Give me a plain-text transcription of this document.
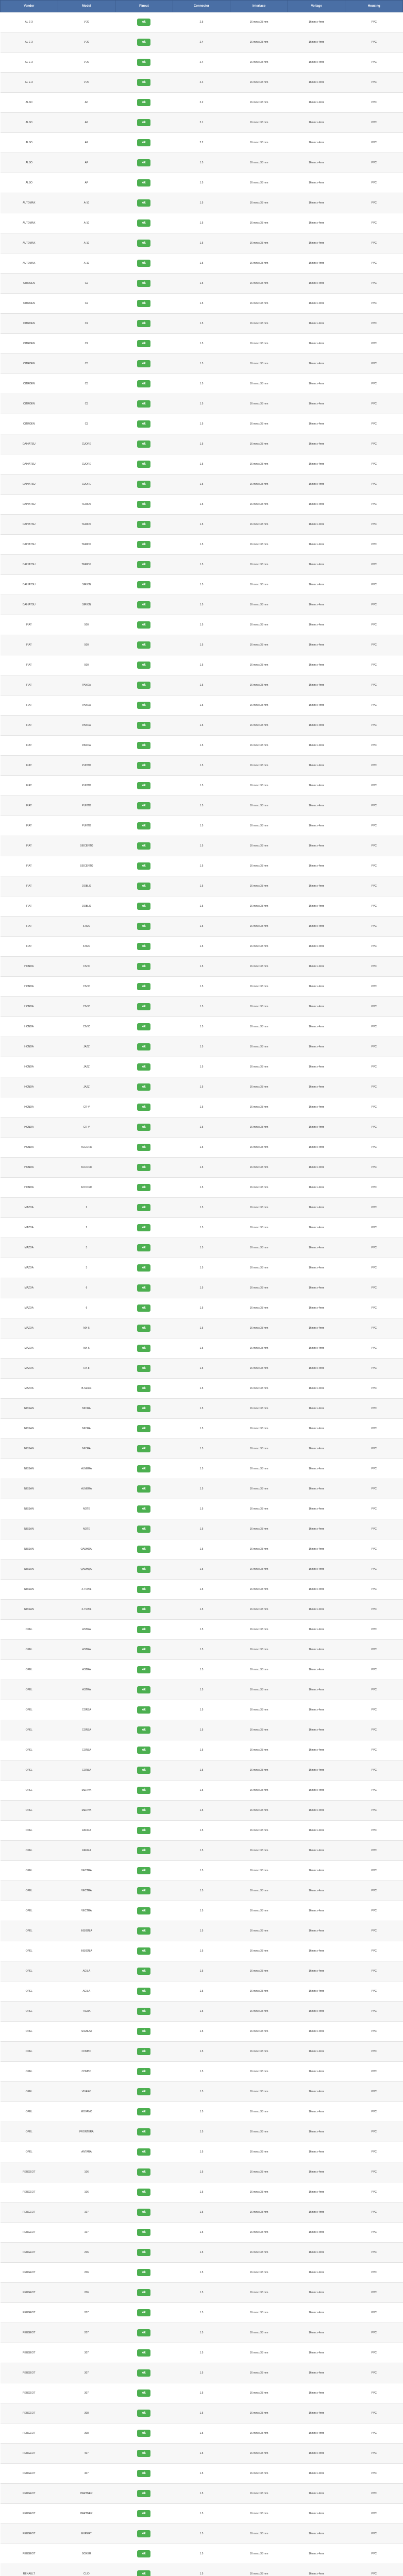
Vendor	Model	Pinout	Connector	Interface	Voltage	Housing
AL E-X	V-20	ok	2.5	16 mm x 33 mm	16mm x 4mm	PVC
AL E-X	V-20	ok	2.4	16 mm x 33 mm	16mm x 4mm	PVC
AL E-X	V-20	ok	2.4	16 mm x 33 mm	16mm x 4mm	PVC
AL E-X	V-20	ok	2.4	16 mm x 33 mm	16mm x 4mm	PVC
ALSO	AP	ok	2.2	16 mm x 33 mm	16mm x 4mm	PVC
ALSO	AP	ok	2.1	16 mm x 33 mm	16mm x 4mm	PVC
ALSO	AP	ok	2.2	16 mm x 33 mm	16mm x 4mm	PVC
ALSO	AP	ok	1.5	16 mm x 33 mm	16mm x 4mm	PVC
ALSO	AP	ok	1.5	16 mm x 33 mm	16mm x 4mm	PVC
AUTOMAX	A-10	ok	1.5	16 mm x 33 mm	16mm x 4mm	PVC
AUTOMAX	A-10	ok	1.5	16 mm x 33 mm	16mm x 4mm	PVC
AUTOMAX	A-10	ok	1.5	16 mm x 33 mm	16mm x 4mm	PVC
AUTOMAX	A-10	ok	1.5	16 mm x 33 mm	16mm x 4mm	PVC
CITROEN	C2	ok	1.5	16 mm x 33 mm	16mm x 4mm	PVC
CITROEN	C2	ok	1.5	16 mm x 33 mm	16mm x 4mm	PVC
CITROEN	C2	ok	1.5	16 mm x 33 mm	16mm x 4mm	PVC
CITROEN	C2	ok	1.5	16 mm x 33 mm	16mm x 4mm	PVC
CITROEN	C3	ok	1.5	16 mm x 33 mm	16mm x 4mm	PVC
CITROEN	C3	ok	1.5	16 mm x 33 mm	16mm x 4mm	PVC
CITROEN	C3	ok	1.5	16 mm x 33 mm	16mm x 4mm	PVC
CITROEN	C3	ok	1.5	16 mm x 33 mm	16mm x 4mm	PVC
DAIHATSU	CUORE	ok	1.5	16 mm x 33 mm	16mm x 4mm	PVC
DAIHATSU	CUORE	ok	1.5	16 mm x 33 mm	16mm x 4mm	PVC
DAIHATSU	CUORE	ok	1.5	16 mm x 33 mm	16mm x 4mm	PVC
DAIHATSU	TERIOS	ok	1.5	16 mm x 33 mm	16mm x 4mm	PVC
DAIHATSU	TERIOS	ok	1.5	16 mm x 33 mm	16mm x 4mm	PVC
DAIHATSU	TERIOS	ok	1.5	16 mm x 33 mm	16mm x 4mm	PVC
DAIHATSU	TERIOS	ok	1.5	16 mm x 33 mm	16mm x 4mm	PVC
DAIHATSU	SIRION	ok	1.5	16 mm x 33 mm	16mm x 4mm	PVC
DAIHATSU	SIRION	ok	1.5	16 mm x 33 mm	16mm x 4mm	PVC
FIAT	500	ok	1.5	16 mm x 33 mm	16mm x 4mm	PVC
FIAT	500	ok	1.5	16 mm x 33 mm	16mm x 4mm	PVC
FIAT	500	ok	1.5	16 mm x 33 mm	16mm x 4mm	PVC
FIAT	PANDA	ok	1.5	16 mm x 33 mm	16mm x 4mm	PVC
FIAT	PANDA	ok	1.5	16 mm x 33 mm	16mm x 4mm	PVC
FIAT	PANDA	ok	1.5	16 mm x 33 mm	16mm x 4mm	PVC
FIAT	PANDA	ok	1.5	16 mm x 33 mm	16mm x 4mm	PVC
FIAT	PUNTO	ok	1.5	16 mm x 33 mm	16mm x 4mm	PVC
FIAT	PUNTO	ok	1.5	16 mm x 33 mm	16mm x 4mm	PVC
FIAT	PUNTO	ok	1.5	16 mm x 33 mm	16mm x 4mm	PVC
FIAT	PUNTO	ok	1.5	16 mm x 33 mm	16mm x 4mm	PVC
FIAT	SEICENTO	ok	1.5	16 mm x 33 mm	16mm x 4mm	PVC
FIAT	SEICENTO	ok	1.5	16 mm x 33 mm	16mm x 4mm	PVC
FIAT	DOBLO	ok	1.5	16 mm x 33 mm	16mm x 4mm	PVC
FIAT	DOBLO	ok	1.5	16 mm x 33 mm	16mm x 4mm	PVC
FIAT	STILO	ok	1.5	16 mm x 33 mm	16mm x 4mm	PVC
FIAT	STILO	ok	1.5	16 mm x 33 mm	16mm x 4mm	PVC
HONDA	CIVIC	ok	1.5	16 mm x 33 mm	16mm x 4mm	PVC
HONDA	CIVIC	ok	1.5	16 mm x 33 mm	16mm x 4mm	PVC
HONDA	CIVIC	ok	1.5	16 mm x 33 mm	16mm x 4mm	PVC
HONDA	CIVIC	ok	1.5	16 mm x 33 mm	16mm x 4mm	PVC
HONDA	JAZZ	ok	1.5	16 mm x 33 mm	16mm x 4mm	PVC
HONDA	JAZZ	ok	1.5	16 mm x 33 mm	16mm x 4mm	PVC
HONDA	JAZZ	ok	1.5	16 mm x 33 mm	16mm x 4mm	PVC
HONDA	CR-V	ok	1.5	16 mm x 33 mm	16mm x 4mm	PVC
HONDA	CR-V	ok	1.5	16 mm x 33 mm	16mm x 4mm	PVC
HONDA	ACCORD	ok	1.5	16 mm x 33 mm	16mm x 4mm	PVC
HONDA	ACCORD	ok	1.5	16 mm x 33 mm	16mm x 4mm	PVC
HONDA	ACCORD	ok	1.5	16 mm x 33 mm	16mm x 4mm	PVC
MAZDA	2	ok	1.5	16 mm x 33 mm	16mm x 4mm	PVC
MAZDA	2	ok	1.5	16 mm x 33 mm	16mm x 4mm	PVC
MAZDA	3	ok	1.5	16 mm x 33 mm	16mm x 4mm	PVC
MAZDA	3	ok	1.5	16 mm x 33 mm	16mm x 4mm	PVC
MAZDA	6	ok	1.5	16 mm x 33 mm	16mm x 4mm	PVC
MAZDA	6	ok	1.5	16 mm x 33 mm	16mm x 4mm	PVC
MAZDA	MX-5	ok	1.5	16 mm x 33 mm	16mm x 4mm	PVC
MAZDA	MX-5	ok	1.5	16 mm x 33 mm	16mm x 4mm	PVC
MAZDA	RX-8	ok	1.5	16 mm x 33 mm	16mm x 4mm	PVC
MAZDA	B-Series	ok	1.5	16 mm x 33 mm	16mm x 4mm	PVC
NISSAN	MICRA	ok	1.5	16 mm x 33 mm	16mm x 4mm	PVC
NISSAN	MICRA	ok	1.5	16 mm x 33 mm	16mm x 4mm	PVC
NISSAN	MICRA	ok	1.5	16 mm x 33 mm	16mm x 4mm	PVC
NISSAN	ALMERA	ok	1.5	16 mm x 33 mm	16mm x 4mm	PVC
NISSAN	ALMERA	ok	1.5	16 mm x 33 mm	16mm x 4mm	PVC
NISSAN	NOTE	ok	1.5	16 mm x 33 mm	16mm x 4mm	PVC
NISSAN	NOTE	ok	1.5	16 mm x 33 mm	16mm x 4mm	PVC
NISSAN	QASHQAI	ok	1.5	16 mm x 33 mm	16mm x 4mm	PVC
NISSAN	QASHQAI	ok	1.5	16 mm x 33 mm	16mm x 4mm	PVC
NISSAN	X-TRAIL	ok	1.5	16 mm x 33 mm	16mm x 4mm	PVC
NISSAN	X-TRAIL	ok	1.5	16 mm x 33 mm	16mm x 4mm	PVC
OPEL	ASTRA	ok	1.5	16 mm x 33 mm	16mm x 4mm	PVC
OPEL	ASTRA	ok	1.5	16 mm x 33 mm	16mm x 4mm	PVC
OPEL	ASTRA	ok	1.5	16 mm x 33 mm	16mm x 4mm	PVC
OPEL	ASTRA	ok	1.5	16 mm x 33 mm	16mm x 4mm	PVC
OPEL	CORSA	ok	1.5	16 mm x 33 mm	16mm x 4mm	PVC
OPEL	CORSA	ok	1.5	16 mm x 33 mm	16mm x 4mm	PVC
OPEL	CORSA	ok	1.5	16 mm x 33 mm	16mm x 4mm	PVC
OPEL	CORSA	ok	1.5	16 mm x 33 mm	16mm x 4mm	PVC
OPEL	MERIVA	ok	1.5	16 mm x 33 mm	16mm x 4mm	PVC
OPEL	MERIVA	ok	1.5	16 mm x 33 mm	16mm x 4mm	PVC
OPEL	ZAFIRA	ok	1.5	16 mm x 33 mm	16mm x 4mm	PVC
OPEL	ZAFIRA	ok	1.5	16 mm x 33 mm	16mm x 4mm	PVC
OPEL	VECTRA	ok	1.5	16 mm x 33 mm	16mm x 4mm	PVC
OPEL	VECTRA	ok	1.5	16 mm x 33 mm	16mm x 4mm	PVC
OPEL	VECTRA	ok	1.5	16 mm x 33 mm	16mm x 4mm	PVC
OPEL	INSIGNIA	ok	1.5	16 mm x 33 mm	16mm x 4mm	PVC
OPEL	INSIGNIA	ok	1.5	16 mm x 33 mm	16mm x 4mm	PVC
OPEL	AGILA	ok	1.5	16 mm x 33 mm	16mm x 4mm	PVC
OPEL	AGILA	ok	1.5	16 mm x 33 mm	16mm x 4mm	PVC
OPEL	TIGRA	ok	1.5	16 mm x 33 mm	16mm x 4mm	PVC
OPEL	SIGNUM	ok	1.5	16 mm x 33 mm	16mm x 4mm	PVC
OPEL	COMBO	ok	1.5	16 mm x 33 mm	16mm x 4mm	PVC
OPEL	COMBO	ok	1.5	16 mm x 33 mm	16mm x 4mm	PVC
OPEL	VIVARO	ok	1.5	16 mm x 33 mm	16mm x 4mm	PVC
OPEL	MOVANO	ok	1.5	16 mm x 33 mm	16mm x 4mm	PVC
OPEL	FRONTERA	ok	1.5	16 mm x 33 mm	16mm x 4mm	PVC
OPEL	ANTARA	ok	1.5	16 mm x 33 mm	16mm x 4mm	PVC
PEUGEOT	106	ok	1.5	16 mm x 33 mm	16mm x 4mm	PVC
PEUGEOT	106	ok	1.5	16 mm x 33 mm	16mm x 4mm	PVC
PEUGEOT	107	ok	1.5	16 mm x 33 mm	16mm x 4mm	PVC
PEUGEOT	107	ok	1.5	16 mm x 33 mm	16mm x 4mm	PVC
PEUGEOT	206	ok	1.5	16 mm x 33 mm	16mm x 4mm	PVC
PEUGEOT	206	ok	1.5	16 mm x 33 mm	16mm x 4mm	PVC
PEUGEOT	206	ok	1.5	16 mm x 33 mm	16mm x 4mm	PVC
PEUGEOT	207	ok	1.5	16 mm x 33 mm	16mm x 4mm	PVC
PEUGEOT	207	ok	1.5	16 mm x 33 mm	16mm x 4mm	PVC
PEUGEOT	307	ok	1.5	16 mm x 33 mm	16mm x 4mm	PVC
PEUGEOT	307	ok	1.5	16 mm x 33 mm	16mm x 4mm	PVC
PEUGEOT	307	ok	1.5	16 mm x 33 mm	16mm x 4mm	PVC
PEUGEOT	308	ok	1.5	16 mm x 33 mm	16mm x 4mm	PVC
PEUGEOT	308	ok	1.5	16 mm x 33 mm	16mm x 4mm	PVC
PEUGEOT	407	ok	1.5	16 mm x 33 mm	16mm x 4mm	PVC
PEUGEOT	407	ok	1.5	16 mm x 33 mm	16mm x 4mm	PVC
PEUGEOT	PARTNER	ok	1.5	16 mm x 33 mm	16mm x 4mm	PVC
PEUGEOT	PARTNER	ok	1.5	16 mm x 33 mm	16mm x 4mm	PVC
PEUGEOT	EXPERT	ok	1.5	16 mm x 33 mm	16mm x 4mm	PVC
PEUGEOT	BOXER	ok	1.5	16 mm x 33 mm	16mm x 4mm	PVC
RENAULT	CLIO	ok	1.5	16 mm x 33 mm	16mm x 4mm	PVC
